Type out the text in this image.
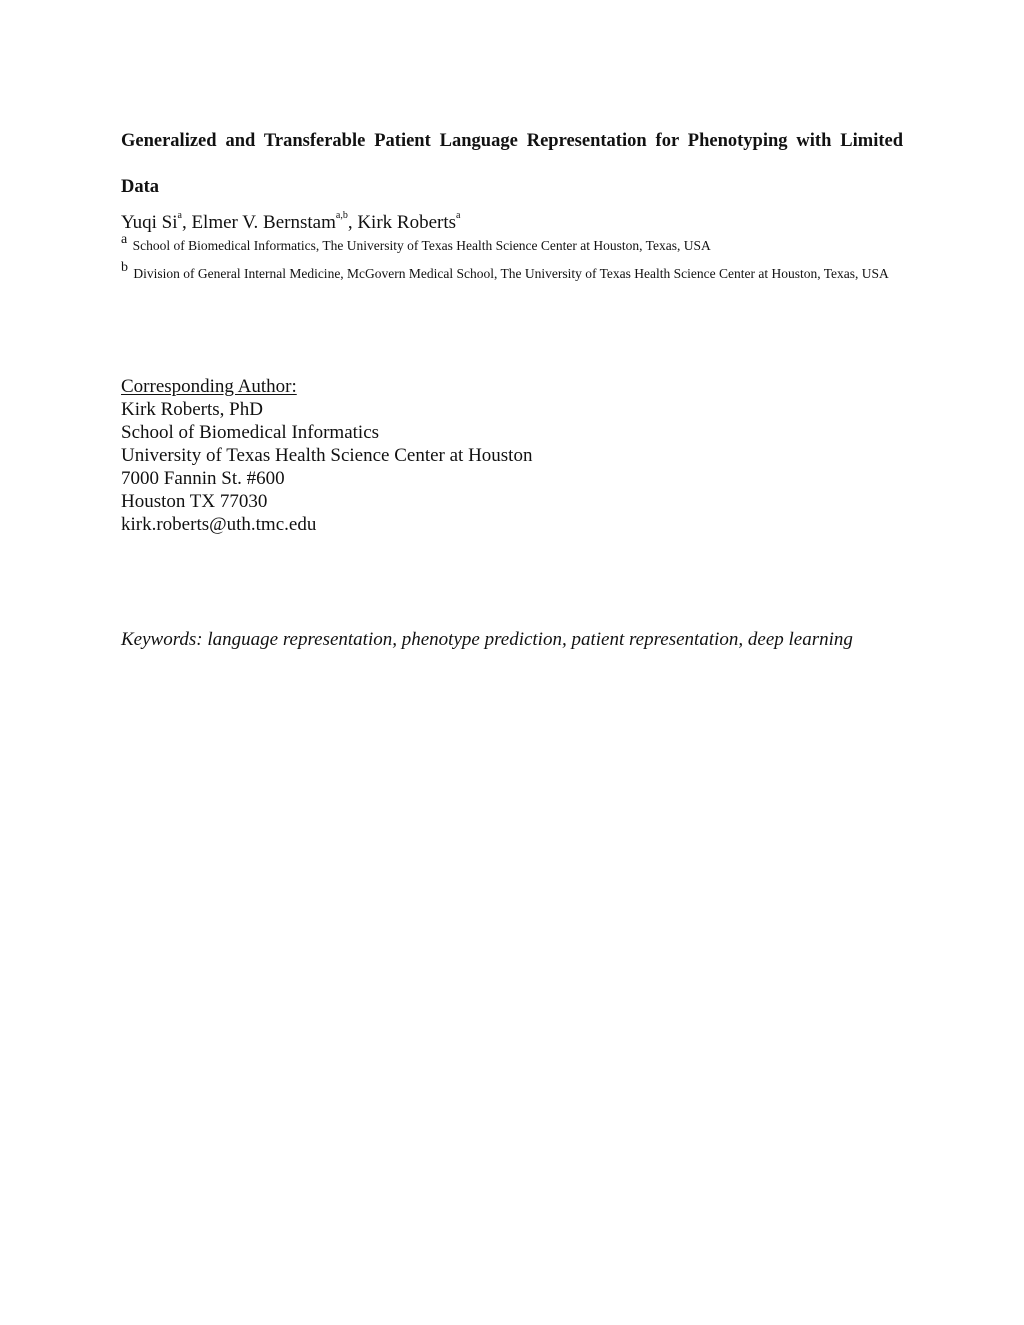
Generalized and Transferable Patient Language Representation for Phenotyping with Limited Data
Yuqi Si$^a$, Elmer V. Bernstam$^{a,b}$, Kirk Roberts$^a$
a School of Biomedical Informatics, The University of Texas Health Science Center at Houston, Texas, USA
b Division of General Internal Medicine, McGovern Medical School, The University of Texas Health Science Center at Houston, Texas, USA
Corresponding Author:
Kirk Roberts, PhD
School of Biomedical Informatics
University of Texas Health Science Center at Houston
7000 Fannin St. #600
Houston TX 77030
kirk.roberts@uth.tmc.edu
Keywords: language representation, phenotype prediction, patient representation, deep learning
